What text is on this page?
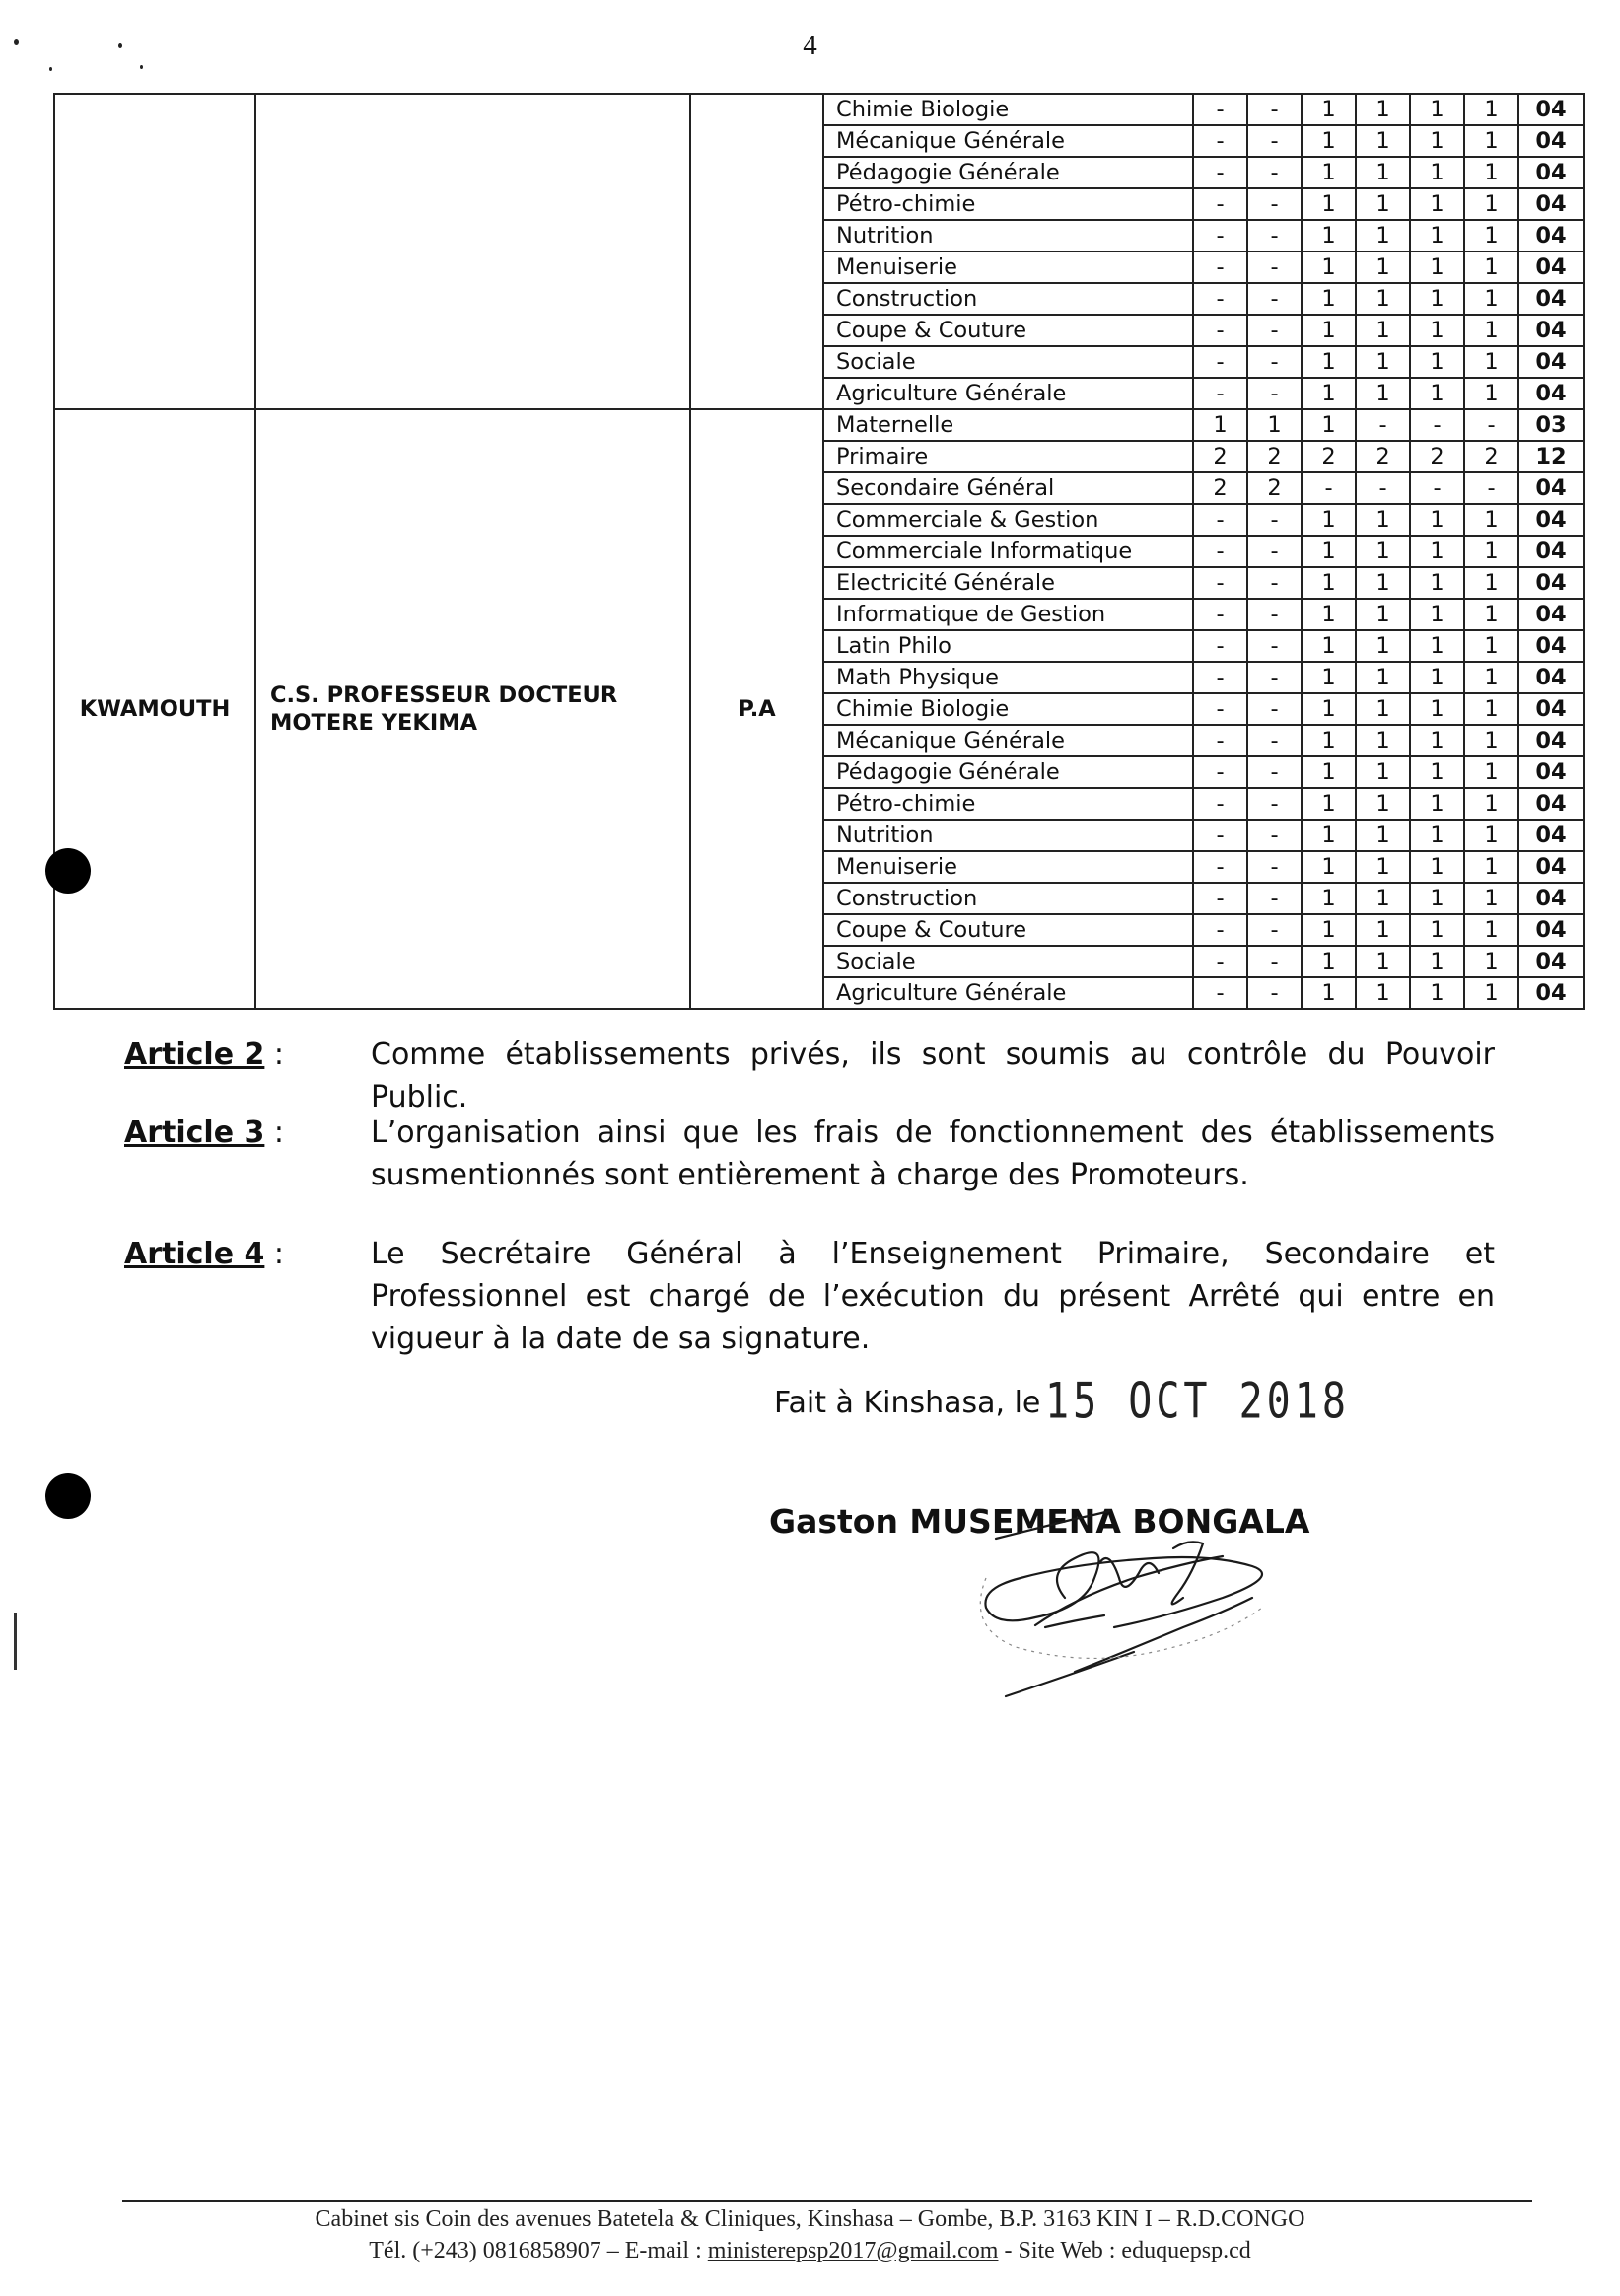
4
			Chimie Biologie	-	-	1	1	1	1	04
			Mécanique Générale	-	-	1	1	1	1	04
			Pédagogie Générale	-	-	1	1	1	1	04
			Pétro-chimie	-	-	1	1	1	1	04
			Nutrition	-	-	1	1	1	1	04
			Menuiserie	-	-	1	1	1	1	04
			Construction	-	-	1	1	1	1	04
			Coupe & Couture	-	-	1	1	1	1	04
			Sociale	-	-	1	1	1	1	04
			Agriculture Générale	-	-	1	1	1	1	04
KWAMOUTH	C.S. PROFESSEUR DOCTEUR MOTERE YEKIMA	P.A	Maternelle	1	1	1	-	-	-	03
			Primaire	2	2	2	2	2	2	12
			Secondaire Général	2	2	-	-	-	-	04
			Commerciale & Gestion	-	-	1	1	1	1	04
			Commerciale Informatique	-	-	1	1	1	1	04
			Electricité Générale	-	-	1	1	1	1	04
			Informatique de Gestion	-	-	1	1	1	1	04
			Latin Philo	-	-	1	1	1	1	04
			Math Physique	-	-	1	1	1	1	04
			Chimie Biologie	-	-	1	1	1	1	04
			Mécanique Générale	-	-	1	1	1	1	04
			Pédagogie Générale	-	-	1	1	1	1	04
			Pétro-chimie	-	-	1	1	1	1	04
			Nutrition	-	-	1	1	1	1	04
			Menuiserie	-	-	1	1	1	1	04
			Construction	-	-	1	1	1	1	04
			Coupe & Couture	-	-	1	1	1	1	04
			Sociale	-	-	1	1	1	1	04
			Agriculture Générale	-	-	1	1	1	1	04
Article 2 :	Comme établissements privés, ils sont soumis au contrôle du Pouvoir Public.
Article 3 :	L’organisation ainsi que les frais de fonctionnement des établissements susmentionnés sont entièrement à charge des Promoteurs.
Article 4 :	Le Secrétaire Général à l’Enseignement Primaire, Secondaire et Professionnel est chargé de l’exécution du présent Arrêté qui entre en vigueur à la date de sa signature.
Fait à Kinshasa, le 15 OCT 2018
Gaston MUSEMENA BONGALA
Cabinet sis Coin des avenues Batetela & Cliniques, Kinshasa – Gombe, B.P. 3163 KIN I – R.D.CONGO
Tél. (+243) 0816858907 – E-mail : ministerepsp2017@gmail.com - Site Web : eduquepsp.cd
